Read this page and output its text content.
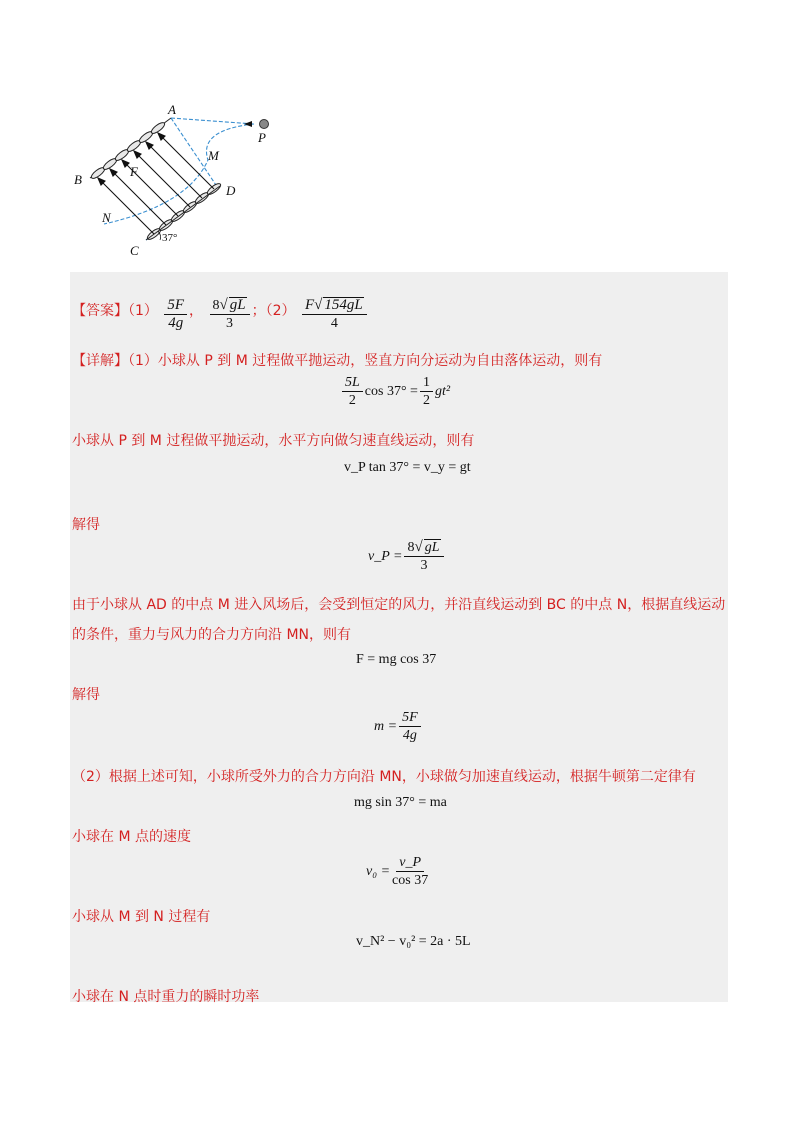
A
B
C
D
M
N
P
F
37°
【答案】$(1) \frac{5F}{4g}$ ， $\frac{8√ gL}{3}$ ；$(2) \frac{F√ 154gL}{4}$
【详解】（1）小球从 P 到 M 过程做平抛运动，竖直方向分运动为自由落体运动，则有
$\frac{5L}{2}$ $\cos 37^\circ = \frac{1}{2} gt^2$
小球从 P 到 M 过程做平抛运动，水平方向做匀速直线运动，则有
v_P tan 37° = v_y = gt
解得
v_P = $\frac{8√ gL}{3}$
由于小球从 AD 的中点 M 进入风场后，会受到恒定的风力，并沿直线运动到 BC 的中点 N，根据直线运动
的条件，重力与风力的合力方向沿 MN，则有
F = mg cos 37
解得
$m = \frac{5F}{4g}$
（2）根据上述可知，小球所受外力的合力方向沿 MN，小球做匀加速直线运动，根据牛顿第二定律有
mg sin 37° = ma
小球在 M 点的速度
$v_0 = \frac{v\_P}{\cos 37}$
小球从 M 到 N 过程有
v_N² − v₀² = 2a · 5L
小球在 N 点时重力的瞬时功率
